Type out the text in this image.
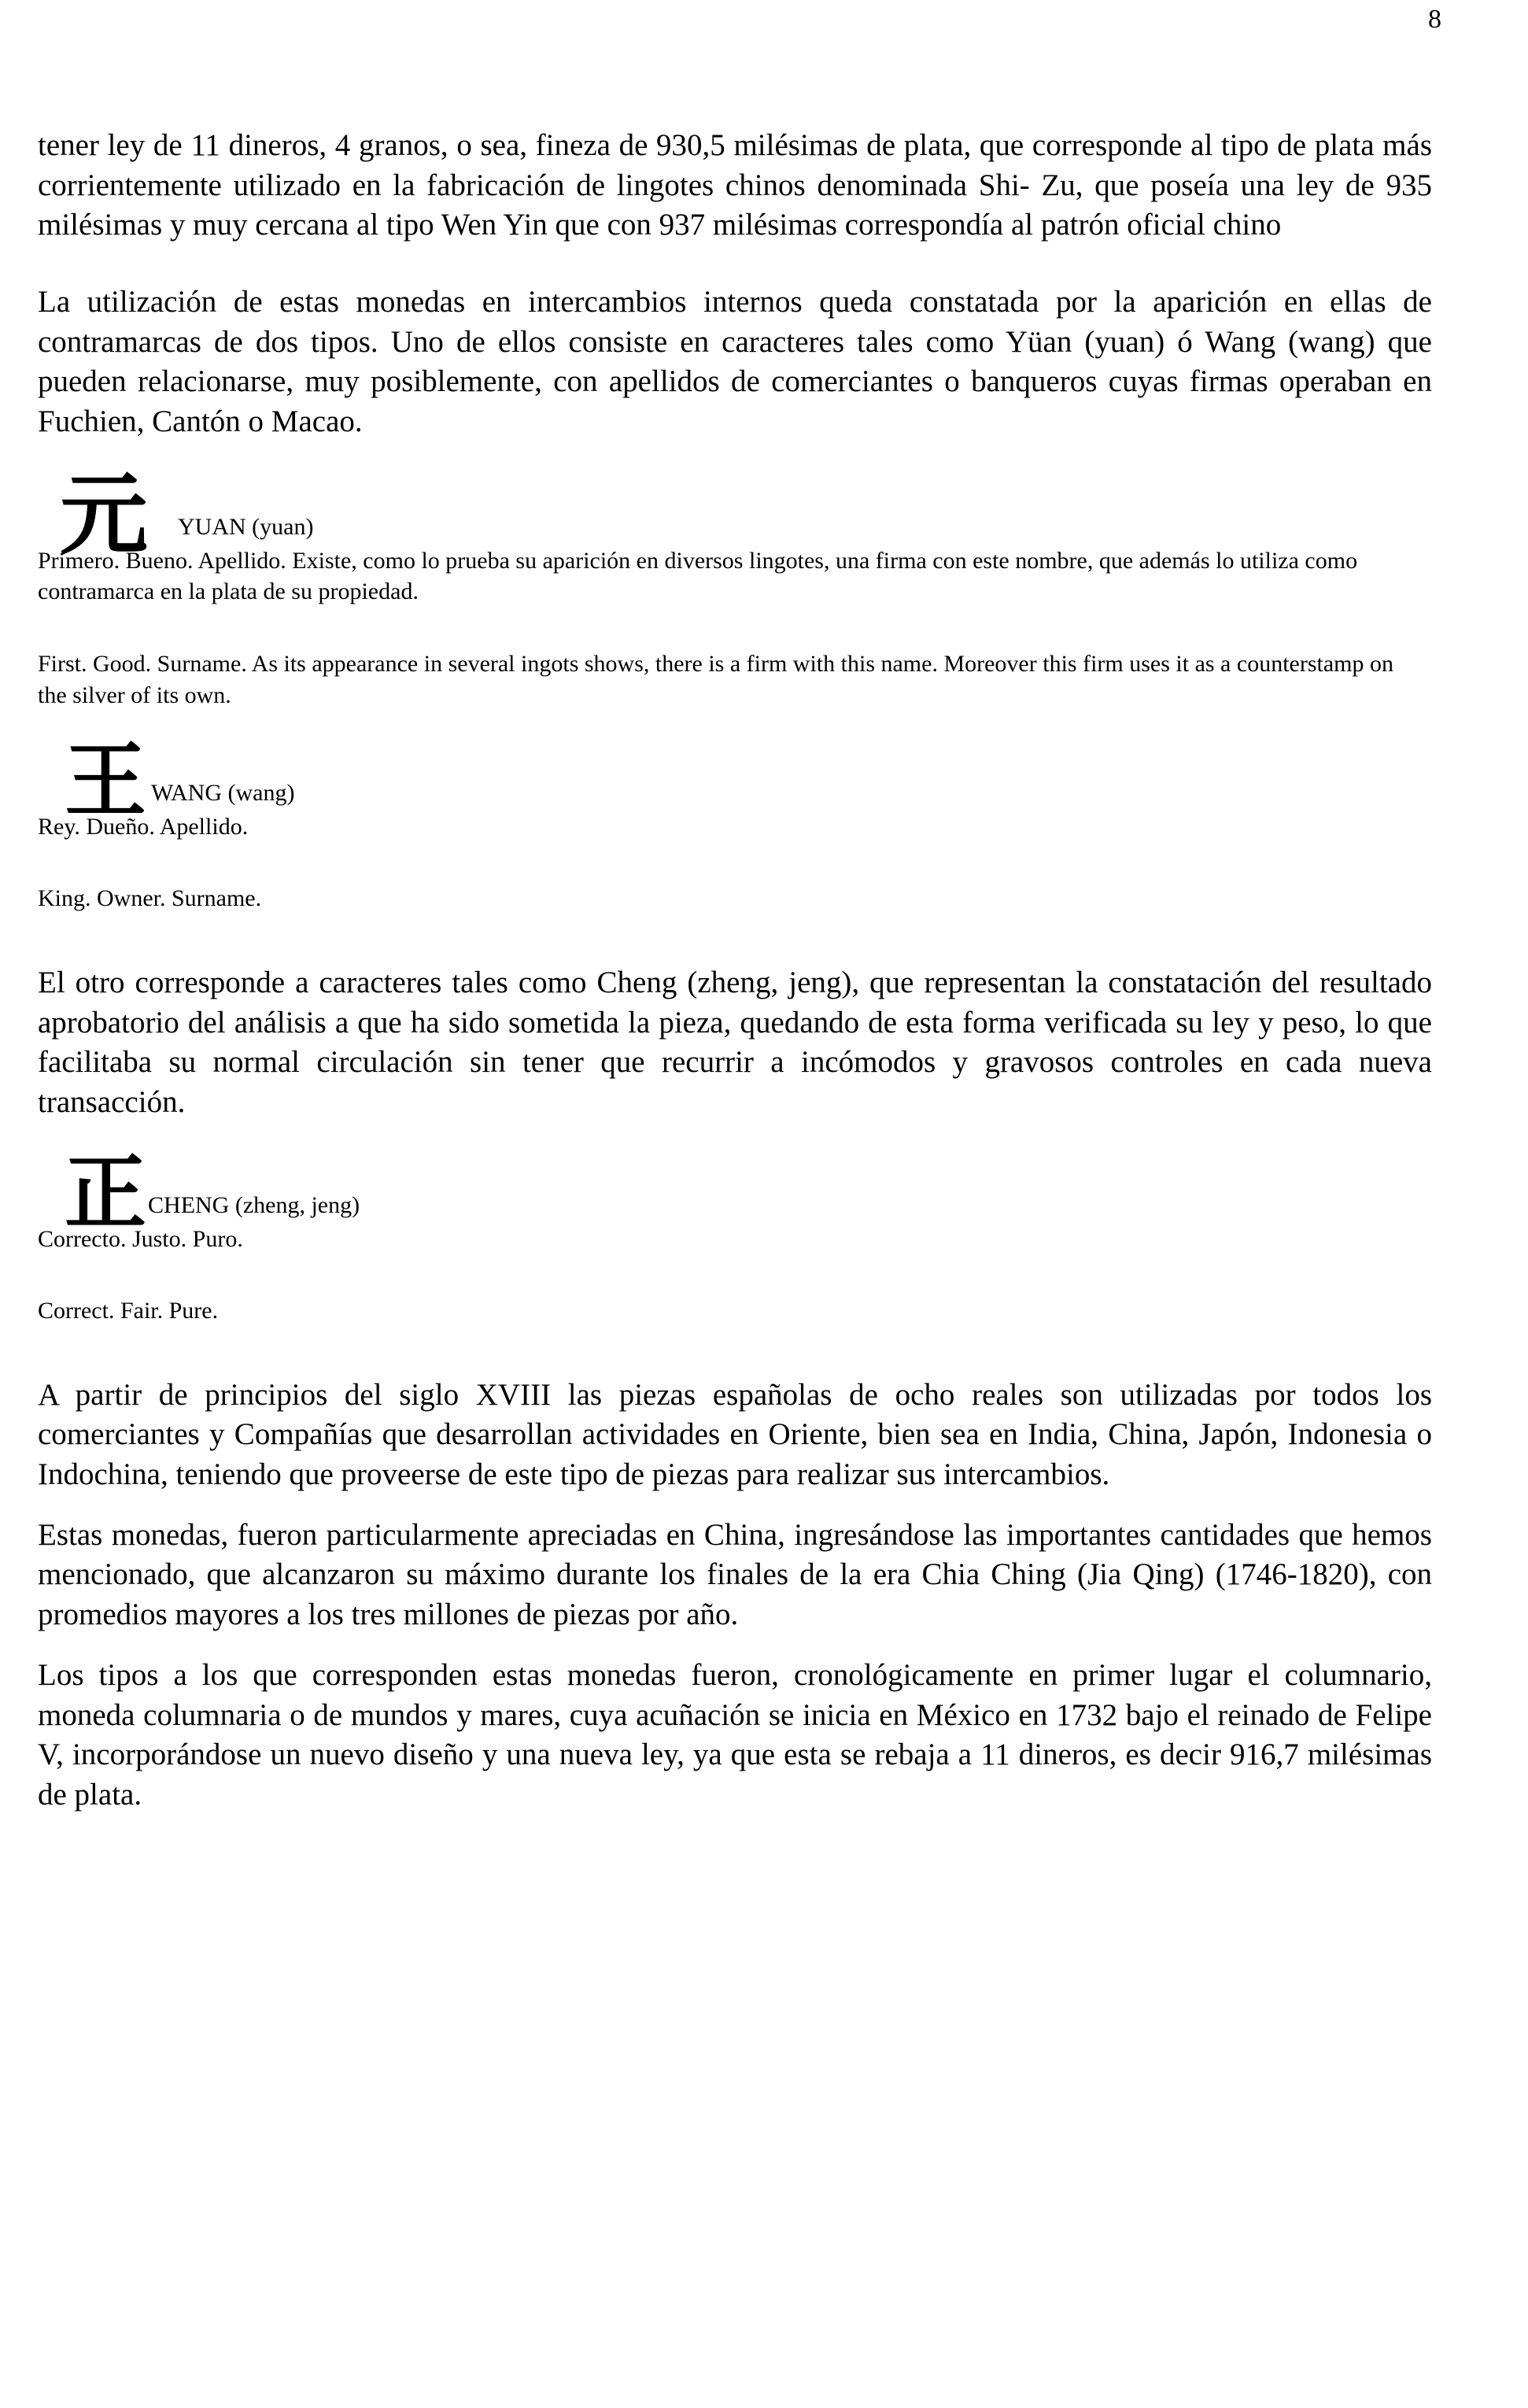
8

tener ley de 11 dineros, 4 granos, o sea, fineza de 930,5 milésimas de plata, que corresponde al tipo de plata más corrientemente utilizado en la fabricación de lingotes chinos denominada Shi- Zu, que poseía una ley de 935 milésimas y muy cercana al tipo Wen Yin que con 937 milésimas correspondía al patrón oficial chino

La utilización de estas monedas en intercambios internos queda constatada por la aparición en ellas de contramarcas de dos tipos. Uno de ellos consiste en caracteres tales como Yüan (yuan) ó Wang (wang) que pueden relacionarse, muy posiblemente, con apellidos de comerciantes o banqueros cuyas firmas operaban en Fuchien, Cantón o Macao.

元 YUAN (yuan)

Primero. Bueno. Apellido. Existe, como lo prueba su aparición en diversos lingotes, una firma con este nombre, que además lo utiliza como contramarca en la plata de su propiedad.

First. Good. Surname. As its appearance in several ingots shows, there is a firm with this name. Moreover this firm uses it as a counterstamp on the silver of its own.

王 WANG (wang)

Rey. Dueño. Apellido.

King. Owner. Surname.

El otro corresponde a caracteres tales como Cheng (zheng, jeng), que representan la constatación del resultado aprobatorio del análisis a que ha sido sometida la pieza, quedando de esta forma verificada su ley y peso, lo que facilitaba su normal circulación sin tener que recurrir a incómodos y gravosos controles en cada nueva transacción.

正 CHENG (zheng, jeng)

Correcto. Justo. Puro.

Correct. Fair. Pure.

A partir de principios del siglo XVIII las piezas españolas de ocho reales son utilizadas por todos los comerciantes y Compañías que desarrollan actividades en Oriente, bien sea en India, China, Japón, Indonesia o Indochina, teniendo que proveerse de este tipo de piezas para realizar sus intercambios.

Estas monedas, fueron particularmente apreciadas en China, ingresándose las importantes cantidades que hemos mencionado, que alcanzaron su máximo durante los finales de la era Chia Ching (Jia Qing) (1746-1820), con promedios mayores a los tres millones de piezas por año.

Los tipos a los que corresponden estas monedas fueron, cronológicamente en primer lugar el columnario, moneda columnaria o de mundos y mares, cuya acuñación se inicia en México en 1732 bajo el reinado de Felipe V, incorporándose un nuevo diseño y una nueva ley, ya que esta se rebaja a 11 dineros, es decir 916,7 milésimas de plata.
